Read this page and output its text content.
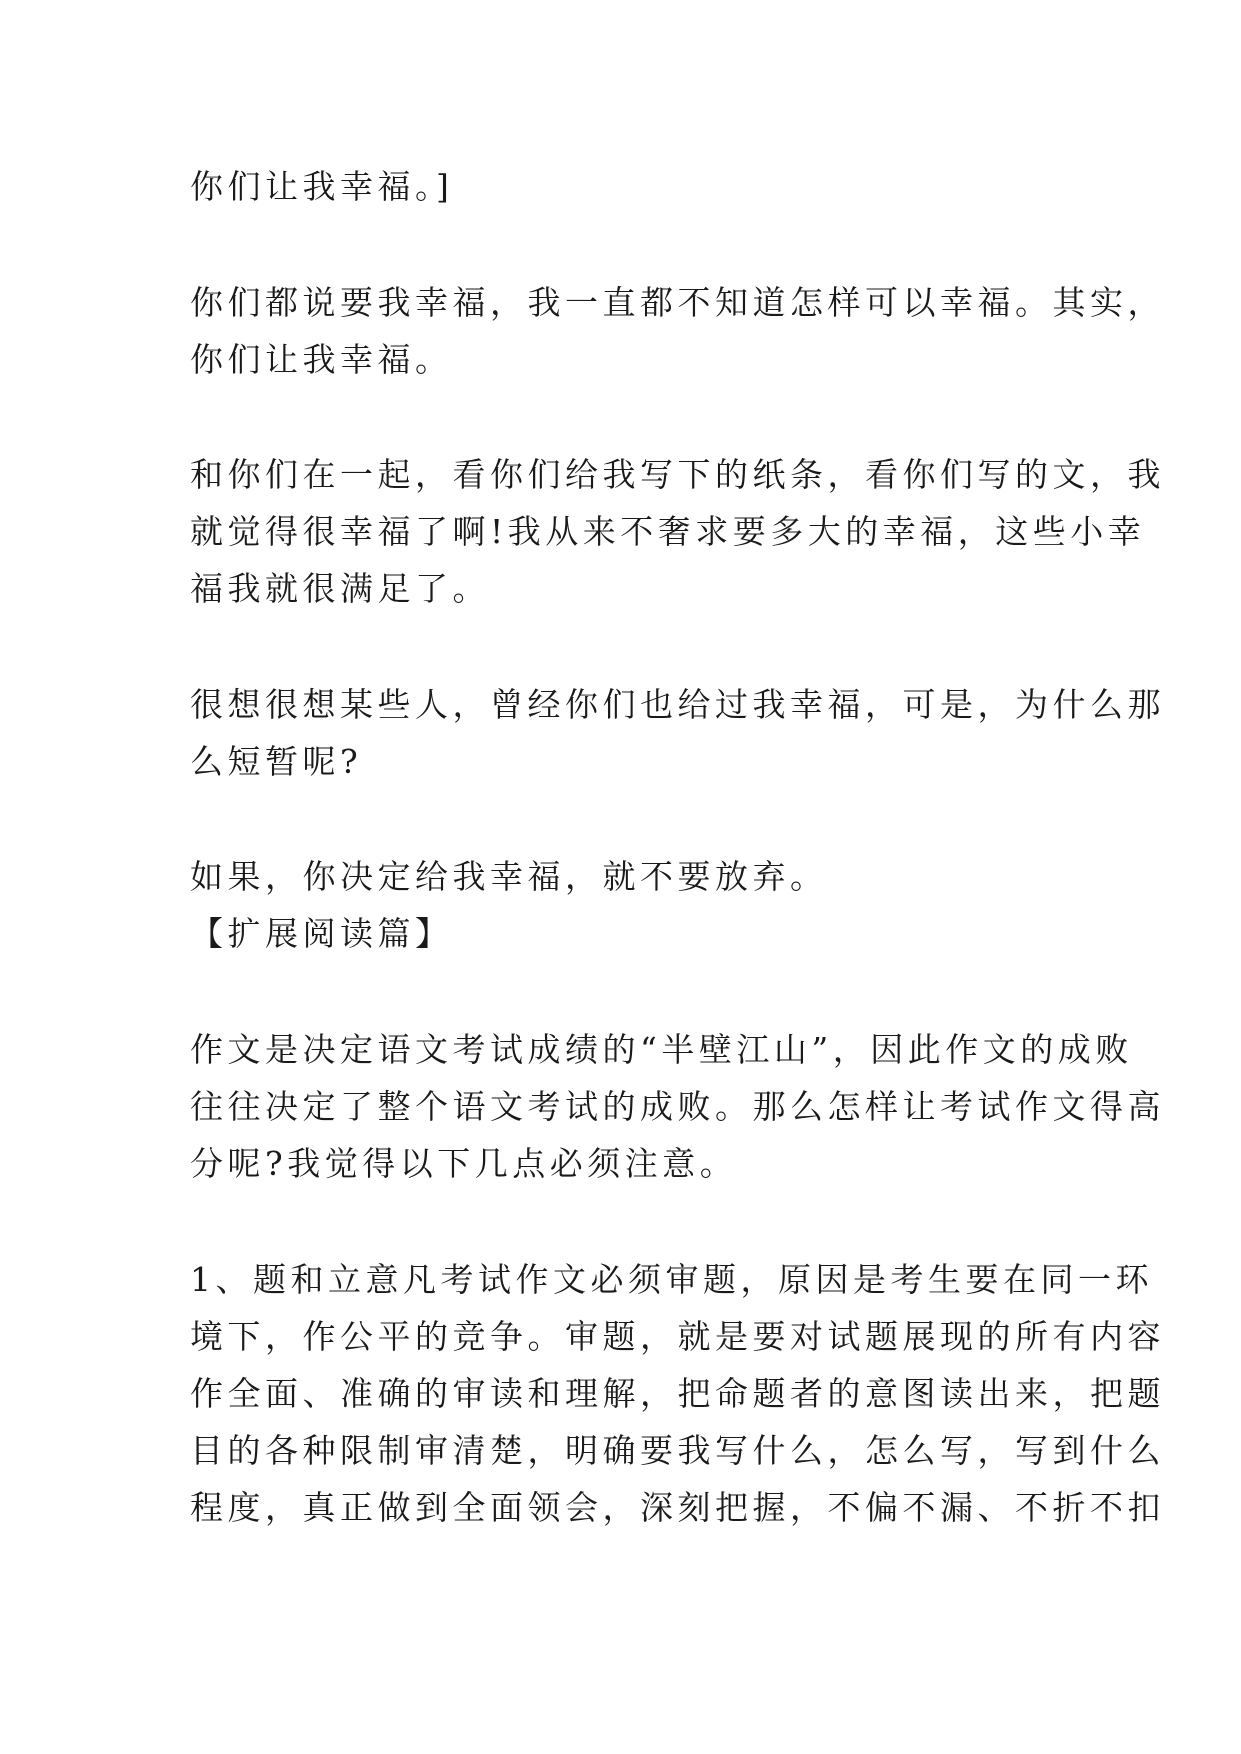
你们让我幸福。]

你们都说要我幸福，我一直都不知道怎样可以幸福。其实，

你们让我幸福。

和你们在一起，看你们给我写下的纸条，看你们写的文，我

就觉得很幸福了啊!我从来不奢求要多大的幸福，这些小幸

福我就很满足了。

很想很想某些人，曾经你们也给过我幸福，可是，为什么那

么短暂呢?

如果，你决定给我幸福，就不要放弃。

【扩展阅读篇】

作文是决定语文考试成绩的“半壁江山”，因此作文的成败

往往决定了整个语文考试的成败。那么怎样让考试作文得高

分呢?我觉得以下几点必须注意。

1、题和立意凡考试作文必须审题，原因是考生要在同一环

境下，作公平的竞争。审题，就是要对试题展现的所有内容

作全面、准确的审读和理解，把命题者的意图读出来，把题

目的各种限制审清楚，明确要我写什么，怎么写，写到什么

程度，真正做到全面领会，深刻把握，不偏不漏、不折不扣
